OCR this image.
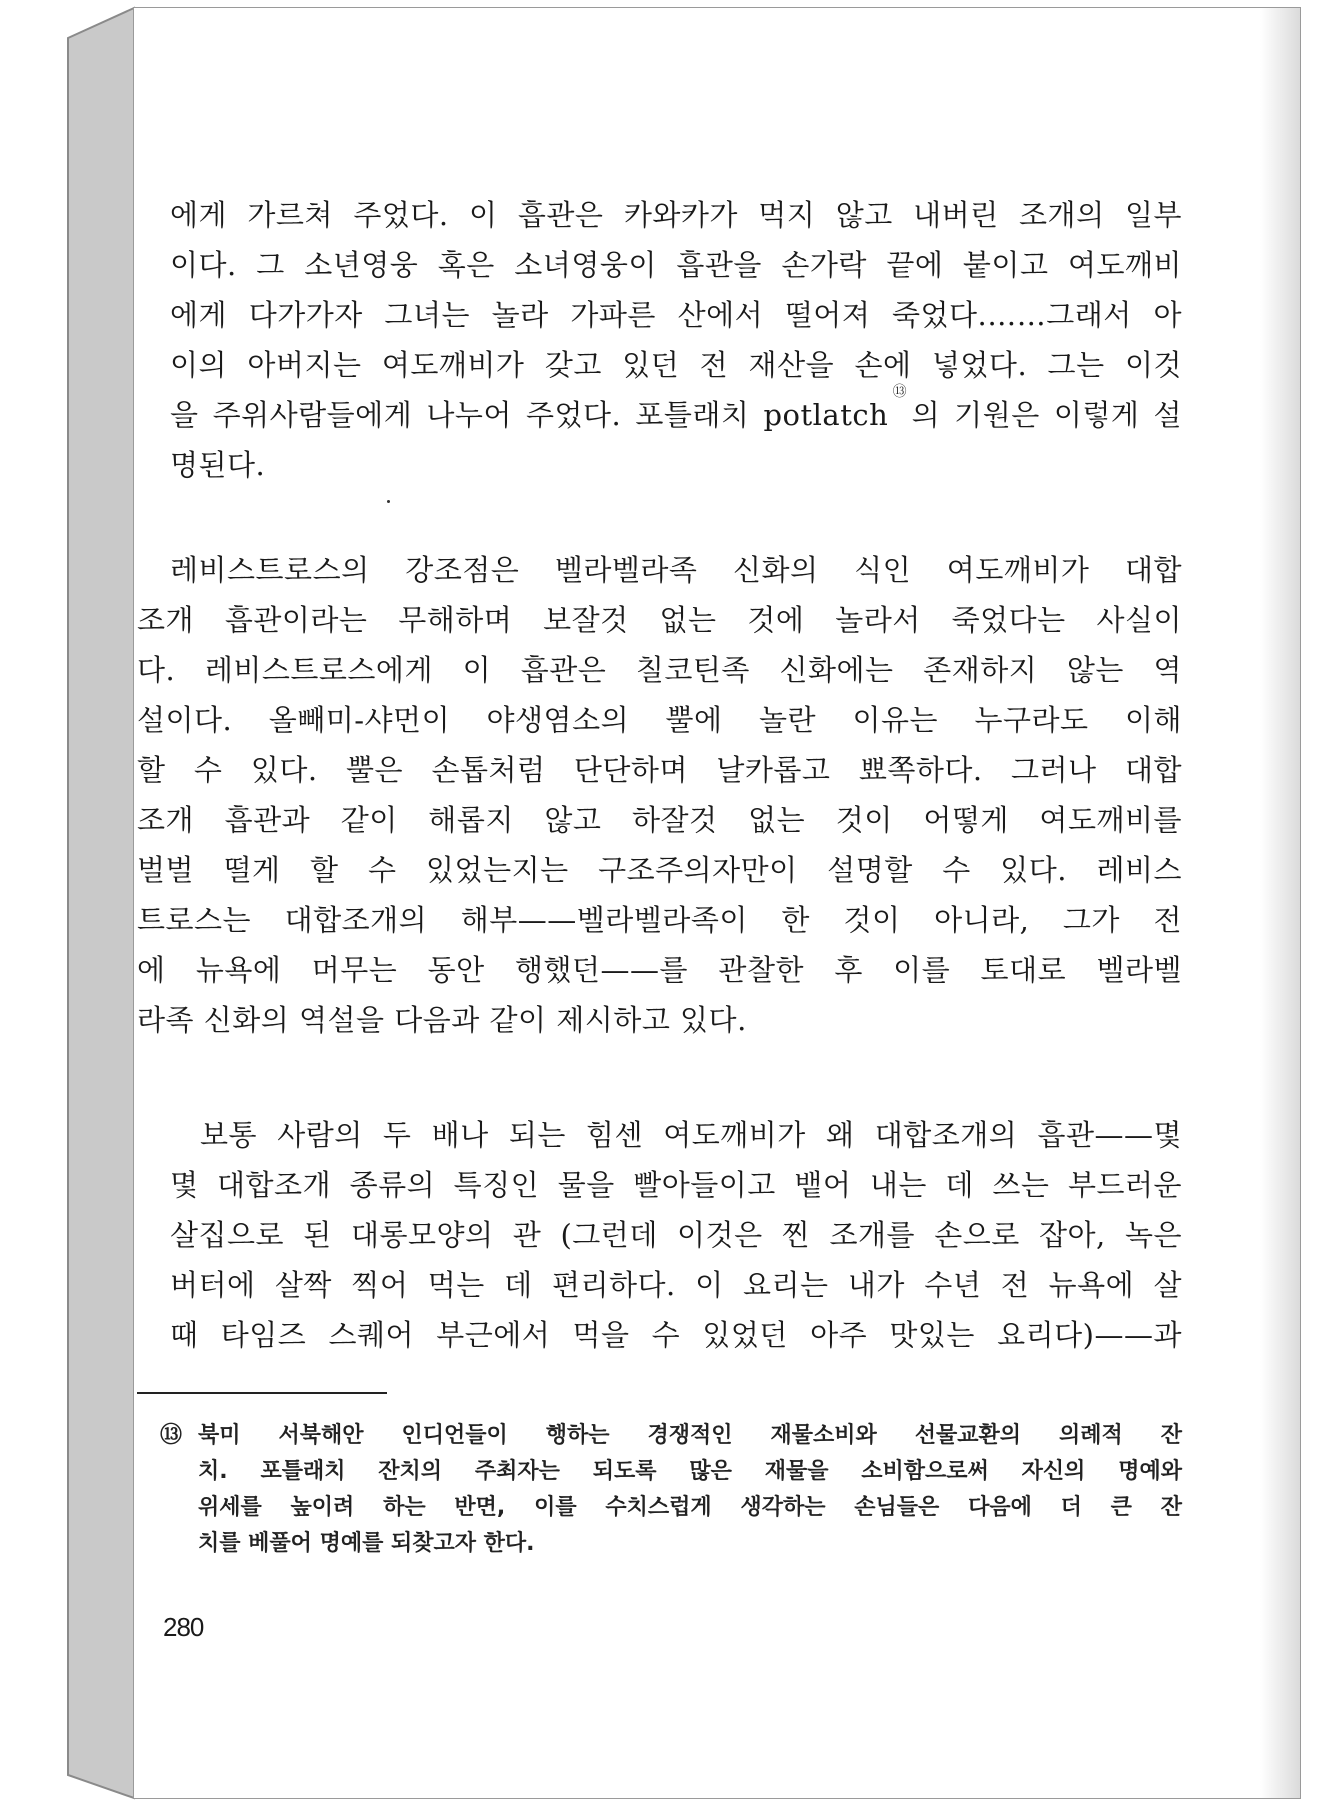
에게 가르쳐 주었다. 이 흡관은 카와카가 먹지 않고 내버린 조개의 일부
이다. 그 소년영웅 혹은 소녀영웅이 흡관을 손가락 끝에 붙이고 여도깨비
에게 다가가자 그녀는 놀라 가파른 산에서 떨어져 죽었다.……그래서 아
이의 아버지는 여도깨비가 갖고 있던 전 재산을 손에 넣었다. 그는 이것
을 주위사람들에게 나누어 주었다. 포틀래치 potlatch⑬의 기원은 이렇게 설
명된다.
레비스트로스의 강조점은 벨라벨라족 신화의 식인 여도깨비가 대합
조개 흡관이라는 무해하며 보잘것 없는 것에 놀라서 죽었다는 사실이
다. 레비스트로스에게 이 흡관은 칠코틴족 신화에는 존재하지 않는 역
설이다. 올빼미-샤먼이 야생염소의 뿔에 놀란 이유는 누구라도 이해
할 수 있다. 뿔은 손톱처럼 단단하며 날카롭고 뾰쪽하다. 그러나 대합
조개 흡관과 같이 해롭지 않고 하잘것 없는 것이 어떻게 여도깨비를
벌벌 떨게 할 수 있었는지는 구조주의자만이 설명할 수 있다. 레비스
트로스는 대합조개의 해부——벨라벨라족이 한 것이 아니라, 그가 전
에 뉴욕에 머무는 동안 행했던——를 관찰한 후 이를 토대로 벨라벨
라족 신화의 역설을 다음과 같이 제시하고 있다.
보통 사람의 두 배나 되는 힘센 여도깨비가 왜 대합조개의 흡관——몇
몇 대합조개 종류의 특징인 물을 빨아들이고 뱉어 내는 데 쓰는 부드러운
살집으로 된 대롱모양의 관 (그런데 이것은 찐 조개를 손으로 잡아, 녹은
버터에 살짝 찍어 먹는 데 편리하다. 이 요리는 내가 수년 전 뉴욕에 살
때 타임즈 스퀘어 부근에서 먹을 수 있었던 아주 맛있는 요리다)——과
⑬ 북미 서북해안 인디언들이 행하는 경쟁적인 재물소비와 선물교환의 의례적 잔
치. 포틀래치 잔치의 주최자는 되도록 많은 재물을 소비함으로써 자신의 명예와
위세를 높이려 하는 반면, 이를 수치스럽게 생각하는 손님들은 다음에 더 큰 잔
치를 베풀어 명예를 되찾고자 한다.
280
